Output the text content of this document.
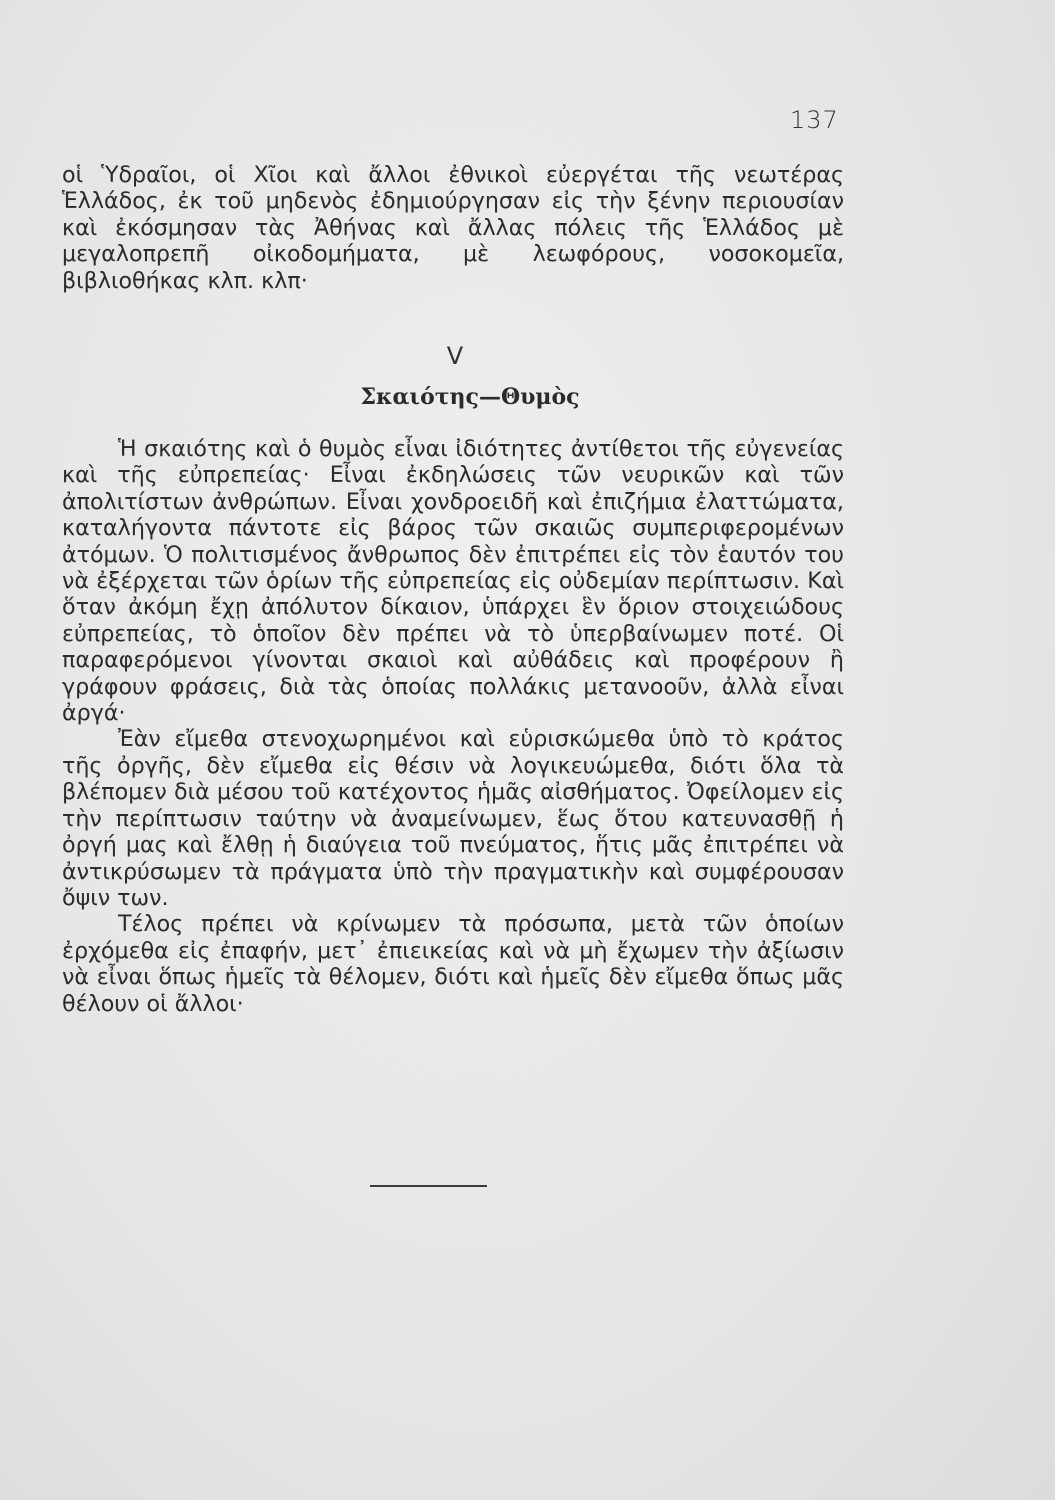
137
οἱ Ὑδραῖοι, οἱ Χῖοι καὶ ἄλλοι ἐθνικοὶ εὐεργέται τῆς νεωτέρας Ἑλλάδος, ἐκ τοῦ μηδενὸς ἐδημιούργησαν εἰς τὴν ξένην περιουσίαν καὶ ἐκόσμησαν τὰς Ἀθήνας καὶ ἄλλας πόλεις τῆς Ἑλλάδος μὲ μεγαλοπρεπῆ οἰκοδομήματα, μὲ λεωφόρους, νοσοκομεῖα, βιβλιοθήκας κλπ. κλπ·
V
Σκαιότης—Θυμὸς

Ἡ σκαιότης καὶ ὁ θυμὸς εἶναι ἰδιότητες ἀντίθετοι τῆς εὐγενείας καὶ τῆς εὐπρεπείας· Εἶναι ἐκδηλώσεις τῶν νευρικῶν καὶ τῶν ἀπολιτίστων ἀνθρώπων. Εἶναι χονδροειδῆ καὶ ἐπιζήμια ἐλαττώματα, καταλήγοντα πάντοτε εἰς βάρος τῶν σκαιῶς συμπεριφερομένων ἀτόμων. Ὁ πολιτισμένος ἄνθρωπος δὲν ἐπιτρέπει εἰς τὸν ἑαυτόν του νὰ ἐξέρχεται τῶν ὁρίων τῆς εὐπρεπείας εἰς οὐδεμίαν περίπτωσιν. Καὶ ὅταν ἀκόμη ἔχῃ ἀπόλυτον δίκαιον, ὑπάρχει ἓν ὅριον στοιχειώδους εὐπρεπείας, τὸ ὁποῖον δὲν πρέπει νὰ τὸ ὑπερβαίνωμεν ποτέ. Οἱ παραφερόμενοι γίνονται σκαιοὶ καὶ αὐθάδεις καὶ προφέρουν ἢ γράφουν φράσεις, διὰ τὰς ὁποίας πολλάκις μετανοοῦν, ἀλλὰ εἶναι ἀργά·

Ἐὰν εἴμεθα στενοχωρημένοι καὶ εὑρισκώμεθα ὑπὸ τὸ κράτος τῆς ὀργῆς, δὲν εἴμεθα εἰς θέσιν νὰ λογικευώμεθα, διότι ὅλα τὰ βλέπομεν διὰ μέσου τοῦ κατέχοντος ἡμᾶς αἰσθήματος. Ὀφείλομεν εἰς τὴν περίπτωσιν ταύτην νὰ ἀναμείνωμεν, ἕως ὅτου κατευνασθῇ ἡ ὀργή μας καὶ ἔλθῃ ἡ διαύγεια τοῦ πνεύματος, ἥτις μᾶς ἐπιτρέπει νὰ ἀντικρύσωμεν τὰ πράγματα ὑπὸ τὴν πραγματικὴν καὶ συμφέρουσαν ὄψιν των.

Τέλος πρέπει νὰ κρίνωμεν τὰ πρόσωπα, μετὰ τῶν ὁποίων ἐρχόμεθα εἰς ἐπαφήν, μετ᾽ ἐπιεικείας καὶ νὰ μὴ ἔχωμεν τὴν ἀξίωσιν νὰ εἶναι ὅπως ἡμεῖς τὰ θέλομεν, διότι καὶ ἡμεῖς δὲν εἴμεθα ὅπως μᾶς θέλουν οἱ ἄλλοι·
